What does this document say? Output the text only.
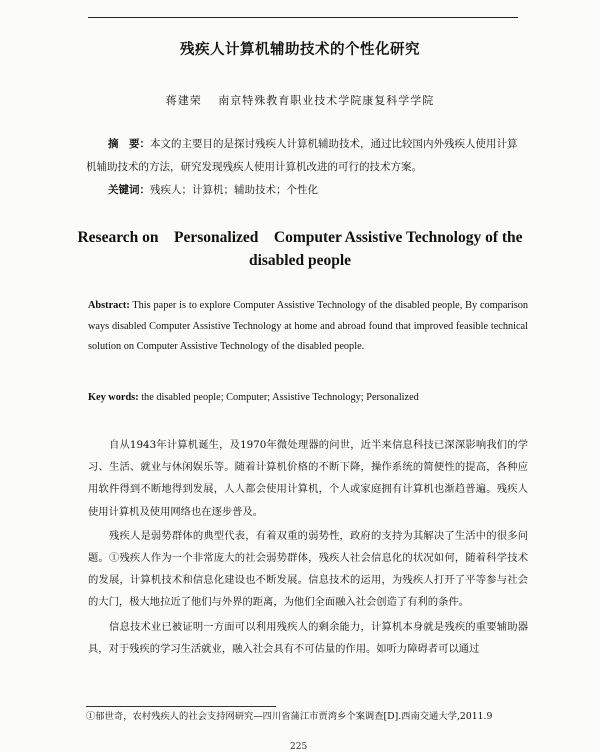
残疾人计算机辅助技术的个性化研究
蒋建荣 南京特殊教育职业技术学院康复科学学院
摘　要：本文的主要目的是探讨残疾人计算机辅助技术，通过比较国内外残疾人使用计算机辅助技术的方法，研究发现残疾人使用计算机改进的可行的技术方案。
关键词：残疾人；计算机；辅助技术；个性化
Research on　Personalized　Computer Assistive Technology of the disabled people
Abstract: This paper is to explore Computer Assistive Technology of the disabled people, By comparison ways disabled Computer Assistive Technology at home and abroad found that improved feasible technical solution on Computer Assistive Technology of the disabled people.
Key words: the disabled people; Computer; Assistive Technology; Personalized

自从1943年计算机诞生，及1970年微处理器的问世，近半来信息科技已深深影响我们的学习、生活、就业与休闲娱乐等。随着计算机价格的不断下降，操作系统的简便性的提高，各种应用软件得到不断地得到发展，人人都会使用计算机，个人或家庭拥有计算机也渐趋普遍。残疾人使用计算机及使用网络也在逐步普及。

残疾人是弱势群体的典型代表，有着双重的弱势性，政府的支持为其解决了生活中的很多问题。①残疾人作为一个非常庞大的社会弱势群体，残疾人社会信息化的状况如何，随着科学技术的发展，计算机技术和信息化建设也不断发展。信息技术的运用，为残疾人打开了平等参与社会的大门，极大地拉近了他们与外界的距离，为他们全面融入社会创造了有利的条件。

信息技术业已被证明一方面可以利用残疾人的剩余能力，计算机本身就是残疾的重要辅助器具，对于残疾的学习生活就业，融入社会具有不可估量的作用。如听力障碍者可以通过

①郁世奇，农村残疾人的社会支持网研究—四川省蒲江市贾湾乡个案调查[D].西南交通大学,2011.9
225
